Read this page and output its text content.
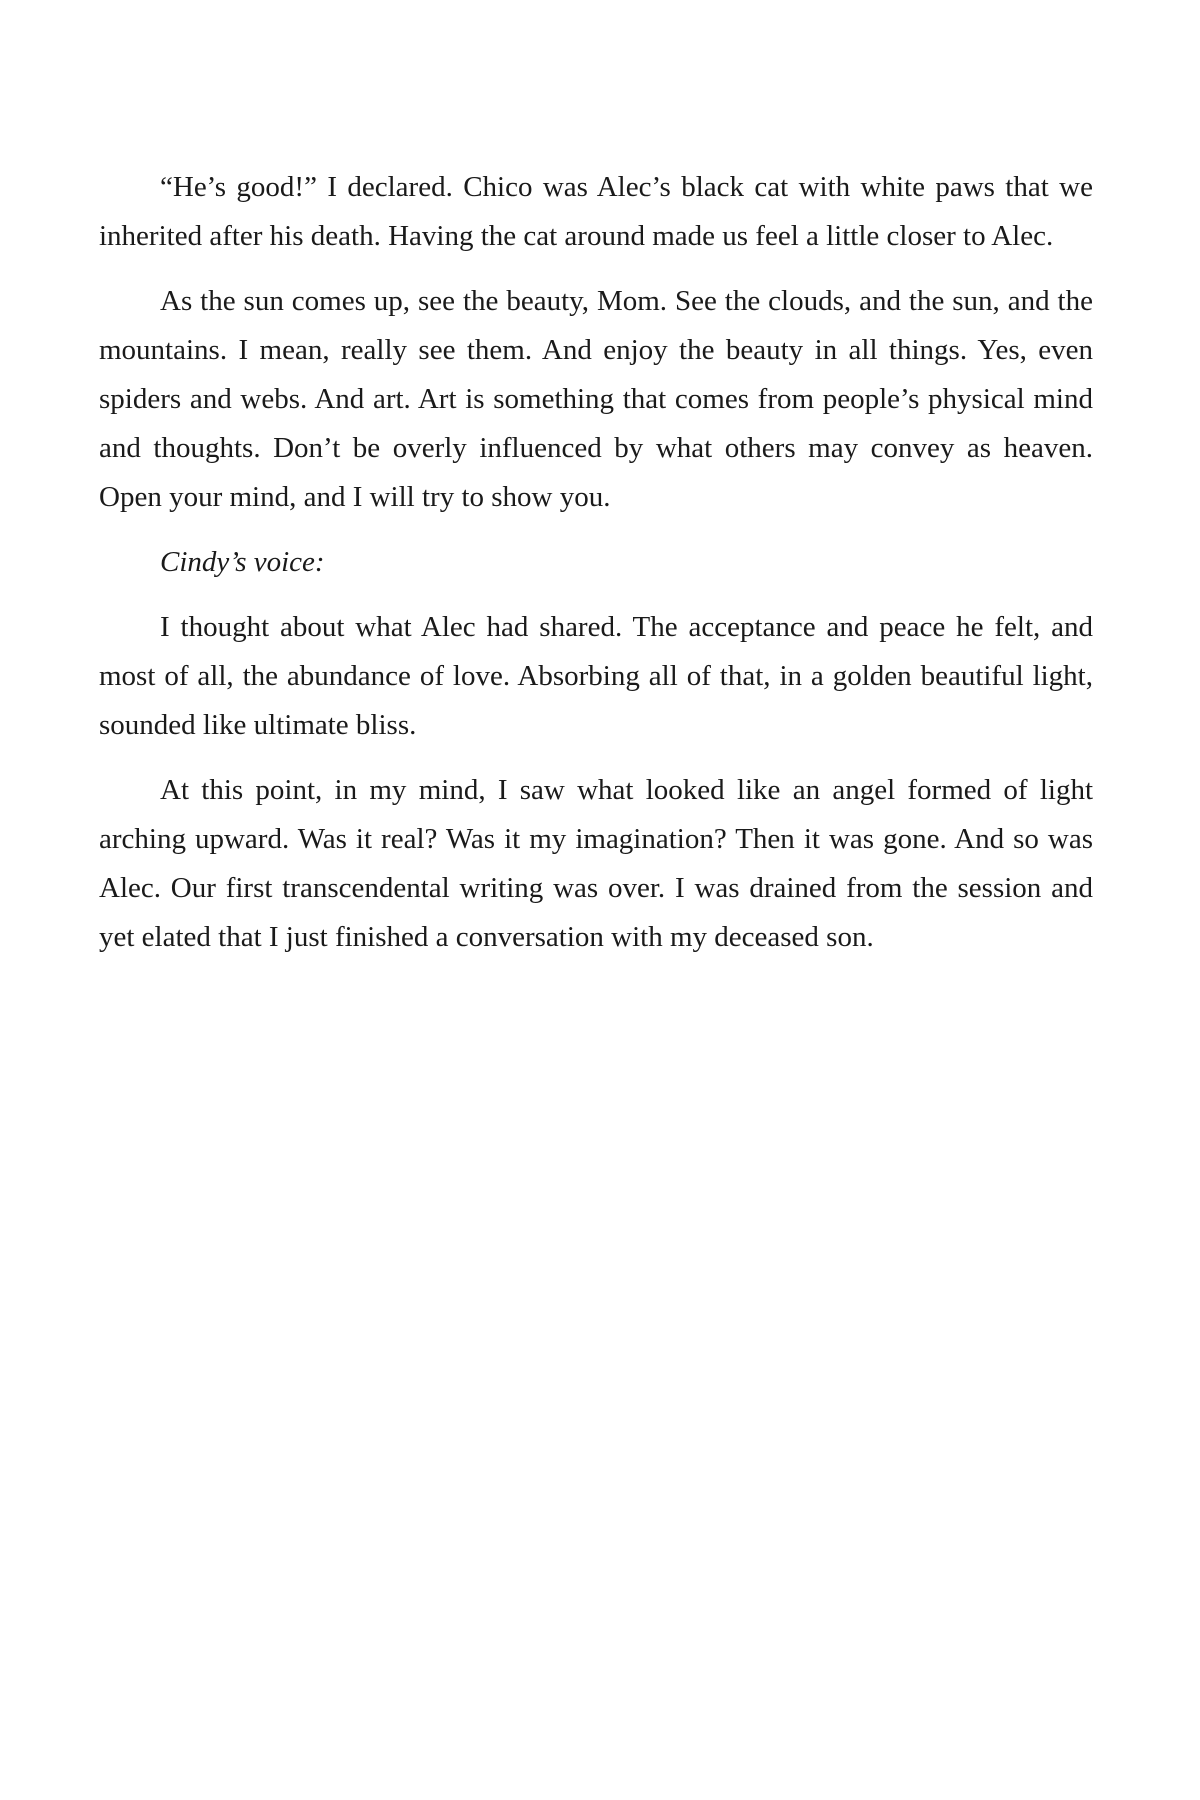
“He’s good!” I declared. Chico was Alec’s black cat with white paws that we inherited after his death. Having the cat around made us feel a little closer to Alec.

As the sun comes up, see the beauty, Mom. See the clouds, and the sun, and the mountains. I mean, really see them. And enjoy the beauty in all things. Yes, even spiders and webs. And art. Art is something that comes from people’s physical mind and thoughts. Don’t be overly influenced by what others may convey as heaven. Open your mind, and I will try to show you.

Cindy’s voice:

I thought about what Alec had shared. The acceptance and peace he felt, and most of all, the abundance of love. Absorbing all of that, in a golden beautiful light, sounded like ultimate bliss.

At this point, in my mind, I saw what looked like an angel formed of light arching upward. Was it real? Was it my imagination? Then it was gone. And so was Alec. Our first transcendental writing was over. I was drained from the session and yet elated that I just finished a conversation with my deceased son.
